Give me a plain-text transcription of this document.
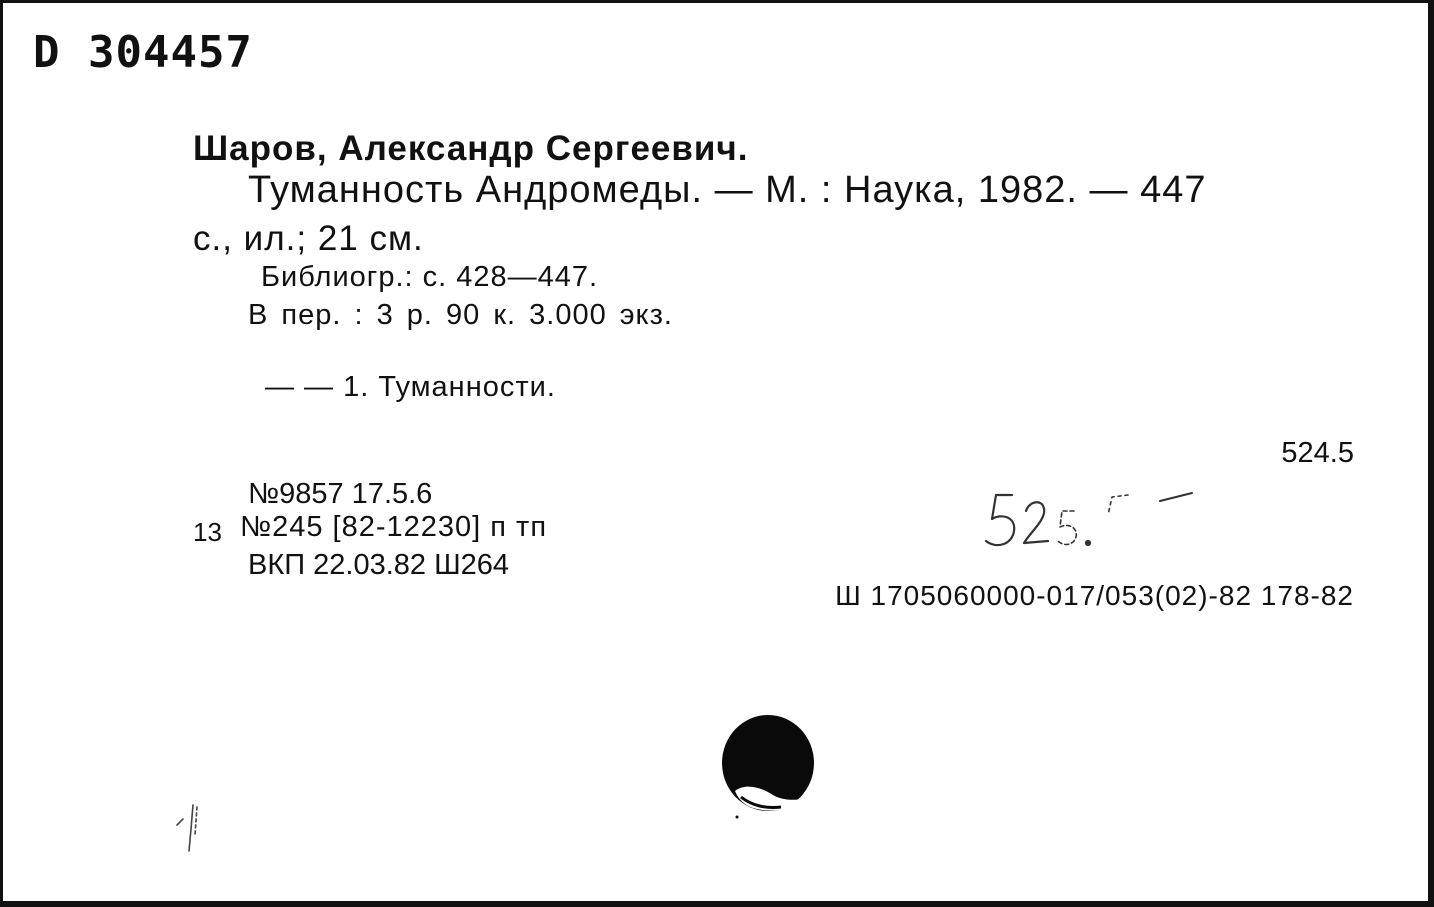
D 304457
Шаров, Александр Сергеевич.
Туманность Андромеды. — М. : Наука, 1982. — 447
с., ил.; 21 см.
Библиогр.: с. 428—447.
В пер. : 3 р. 90 к. 3.000 экз.
— — 1. Туманности.
524.5
№9857 17.5.6
13 №245 [82-12230] п тп
ВКП 22.03.82 Ш264
Ш 1705060000-017/053(02)-82 178-82
